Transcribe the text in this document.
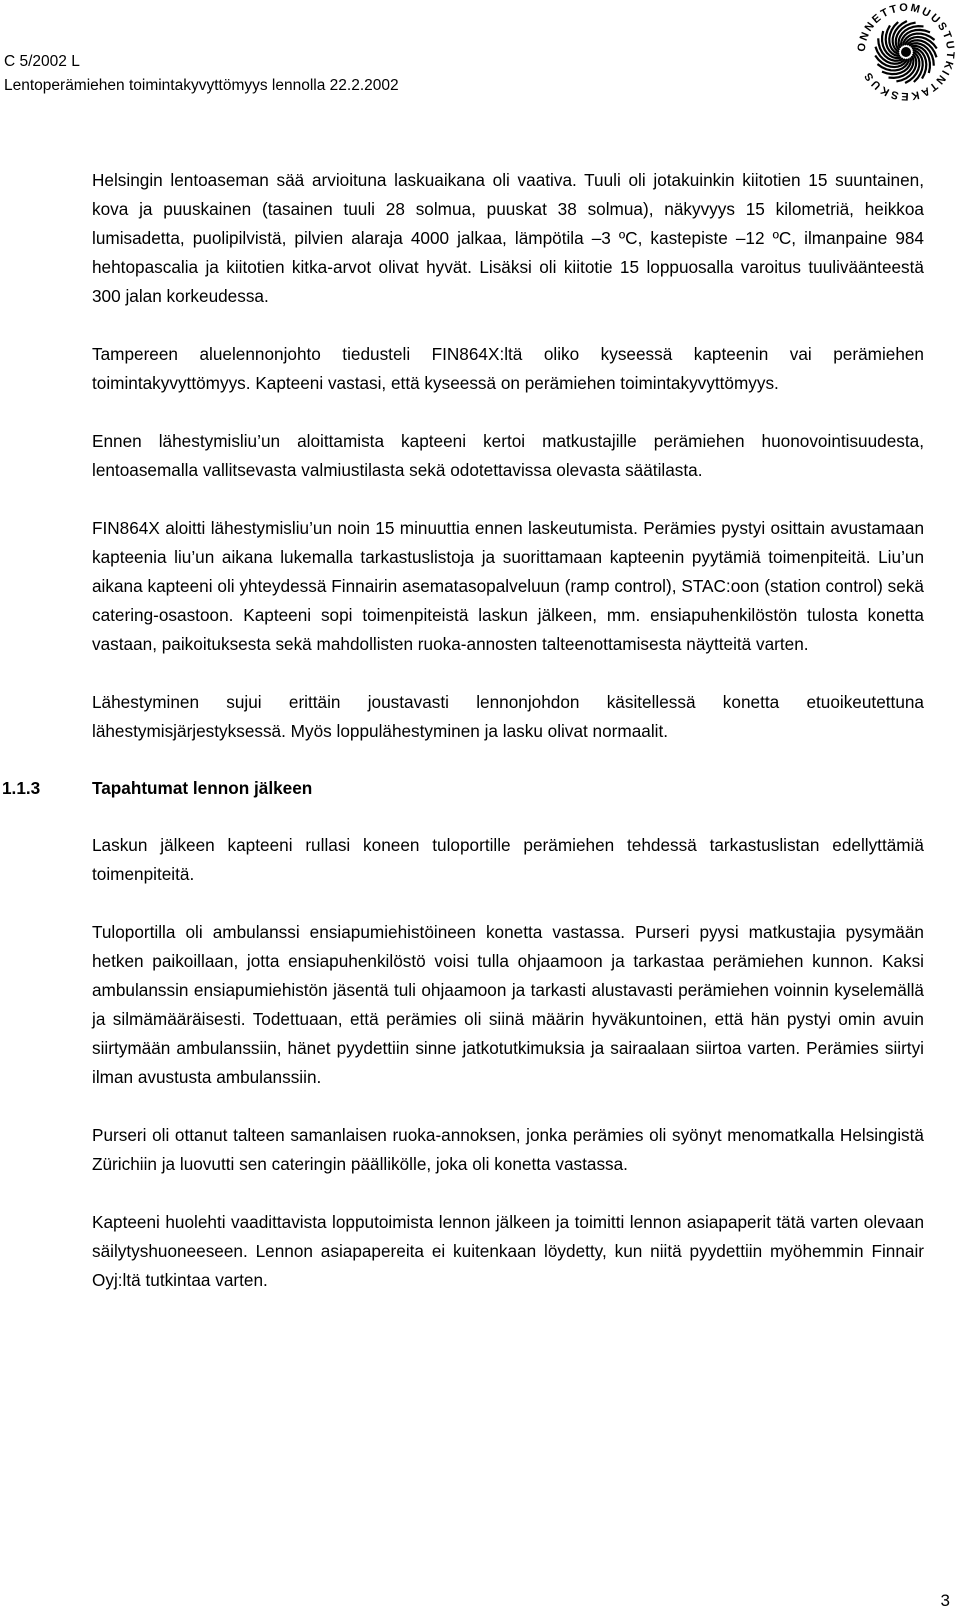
C 5/2002 L
Lentoperämiehen toimintakyvyttömyys lennolla 22.2.2002
ONNETTOMUUSTUTKINTAKESKUS

Helsingin lentoaseman sää arvioituna laskuaikana oli vaativa. Tuuli oli jotakuinkin kiitotien 15 suuntainen, kova ja puuskainen (tasainen tuuli 28 solmua, puuskat 38 solmua), näkyvyys 15 kilometriä, heikkoa lumisadetta, puolipilvistä, pilvien alaraja 4000 jalkaa, lämpötila –3 ºC, kastepiste –12 ºC, ilmanpaine 984 hehtopascalia ja kiitotien kitka-arvot olivat hyvät. Lisäksi oli kiitotie 15 loppuosalla varoitus tuuliväänteestä 300 jalan korkeudessa.

Tampereen aluelennonjohto tiedusteli FIN864X:ltä oliko kyseessä kapteenin vai perämiehen toimintakyvyttömyys. Kapteeni vastasi, että kyseessä on perämiehen toimintakyvyttömyys.

Ennen lähestymisliu’un aloittamista kapteeni kertoi matkustajille perämiehen huonovointisuudesta, lentoasemalla vallitsevasta valmiustilasta sekä odotettavissa olevasta säätilasta.

FIN864X aloitti lähestymisliu’un noin 15 minuuttia ennen laskeutumista. Perämies pystyi osittain avustamaan kapteenia liu’un aikana lukemalla tarkastuslistoja ja suorittamaan kapteenin pyytämiä toimenpiteitä. Liu’un aikana kapteeni oli yhteydessä Finnairin asematasopalveluun (ramp control), STAC:oon (station control) sekä catering-osastoon. Kapteeni sopi toimenpiteistä laskun jälkeen, mm. ensiapuhenkilöstön tulosta konetta vastaan, paikoituksesta sekä mahdollisten ruoka-annosten talteenottamisesta näytteitä varten.

Lähestyminen sujui erittäin joustavasti lennonjohdon käsitellessä konetta etuoikeutettuna lähestymisjärjestyksessä. Myös loppulähestyminen ja lasku olivat normaalit.

1.1.3	Tapahtumat lennon jälkeen

Laskun jälkeen kapteeni rullasi koneen tuloportille perämiehen tehdessä tarkastuslistan edellyttämiä toimenpiteitä.

Tuloportilla oli ambulanssi ensiapumiehistöineen konetta vastassa. Purseri pyysi matkustajia pysymään hetken paikoillaan, jotta ensiapuhenkilöstö voisi tulla ohjaamoon ja tarkastaa perämiehen kunnon. Kaksi ambulanssin ensiapumiehistön jäsentä tuli ohjaamoon ja tarkasti alustavasti perämiehen voinnin kyselemällä ja silmämääräisesti. Todettuaan, että perämies oli siinä määrin hyväkuntoinen, että hän pystyi omin avuin siirtymään ambulanssiin, hänet pyydettiin sinne jatkotutkimuksia ja sairaalaan siirtoa varten. Perämies siirtyi ilman avustusta ambulanssiin.

Purseri oli ottanut talteen samanlaisen ruoka-annoksen, jonka perämies oli syönyt menomatkalla Helsingistä Zürichiin ja luovutti sen cateringin päällikölle, joka oli konetta vastassa.

Kapteeni huolehti vaadittavista lopputoimista lennon jälkeen ja toimitti lennon asiapaperit tätä varten olevaan säilytyshuoneeseen. Lennon asiapapereita ei kuitenkaan löydetty, kun niitä pyydettiin myöhemmin Finnair Oyj:ltä tutkintaa varten.

3
